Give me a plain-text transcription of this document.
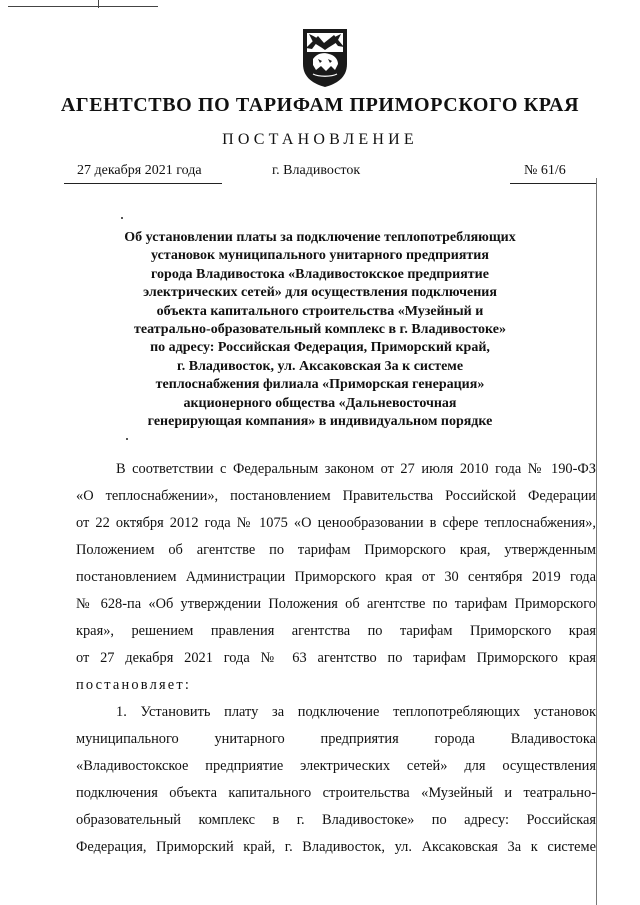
АГЕНТСТВО ПО ТАРИФАМ ПРИМОРСКОГО КРАЯ
ПОСТАНОВЛЕНИЕ
27 декабря 2021 года	г. Владивосток	№ 61/6
Об установлении платы за подключение теплопотребляющих
установок муниципального унитарного предприятия
города Владивостока «Владивостокское предприятие
электрических сетей» для осуществления подключения
объекта капитального строительства «Музейный и
театрально-образовательный комплекс в г. Владивостоке»
по адресу: Российская Федерация, Приморский край,
г. Владивосток, ул. Аксаковская 3а к системе
теплоснабжения филиала «Приморская генерация»
акционерного общества «Дальневосточная
генерирующая компания» в индивидуальном порядке
В соответствии с Федеральным законом от 27 июля 2010 года № 190-ФЗ
«О теплоснабжении», постановлением Правительства Российской Федерации
от 22 октября 2012 года № 1075 «О ценообразовании в сфере теплоснабжения»,
Положением об агентстве по тарифам Приморского края, утвержденным
постановлением Администрации Приморского края от 30 сентября 2019 года
№ 628-па «Об утверждении Положения об агентстве по тарифам Приморского
края», решением правления агентства по тарифам Приморского края
от 27 декабря 2021 года № 63 агентство по тарифам Приморского края
постановляет:
1. Установить плату за подключение теплопотребляющих установок
муниципального унитарного предприятия города Владивостока
«Владивостокское предприятие электрических сетей» для осуществления
подключения объекта капитального строительства «Музейный и театрально-
образовательный комплекс в г. Владивостоке» по адресу: Российская
Федерация, Приморский край, г. Владивосток, ул. Аксаковская 3а к системе
